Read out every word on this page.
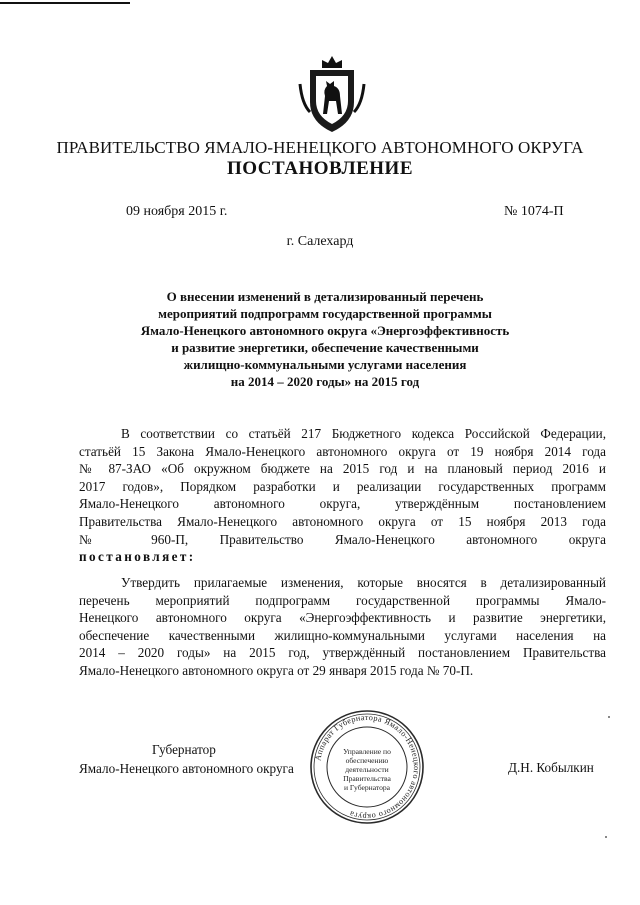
ПРАВИТЕЛЬСТВО ЯМАЛО-НЕНЕЦКОГО АВТОНОМНОГО ОКРУГА
ПОСТАНОВЛЕНИЕ
09 ноября 2015 г.	№ 1074-П
г. Салехард
О внесении изменений в детализированный перечень
мероприятий подпрограмм государственной программы
Ямало-Ненецкого автономного округа «Энергоэффективность
и развитие энергетики, обеспечение качественными
жилищно-коммунальными услугами населения
на 2014 – 2020 годы» на 2015 год
В соответствии со статьёй 217 Бюджетного кодекса Российской Федерации,
статьёй 15 Закона Ямало-Ненецкого автономного округа от 19 ноября 2014 года
№ 87-ЗАО «Об окружном бюджете на 2015 год и на плановый период 2016 и
2017 годов», Порядком разработки и реализации государственных программ
Ямало-Ненецкого автономного округа, утверждённым постановлением
Правительства Ямало-Ненецкого автономного округа от 15 ноября 2013 года
№ 960-П, Правительство Ямало-Ненецкого автономного округа
постановляет:
Утвердить прилагаемые изменения, которые вносятся в детализированный
перечень мероприятий подпрограмм государственной программы Ямало-
Ненецкого автономного округа «Энергоэффективность и развитие энергетики,
обеспечение качественными жилищно-коммунальными услугами населения на
2014 – 2020 годы» на 2015 год, утверждённый постановлением Правительства
Ямало-Ненецкого автономного округа от 29 января 2015 года № 70-П.
Губернатор
Ямало-Ненецкого автономного округа	Д.Н. Кобылкин
Аппарат Губернатора Ямало-Ненецкого автономного округа
Управление по
обеспечению
деятельности
Правительства
и Губернатора
